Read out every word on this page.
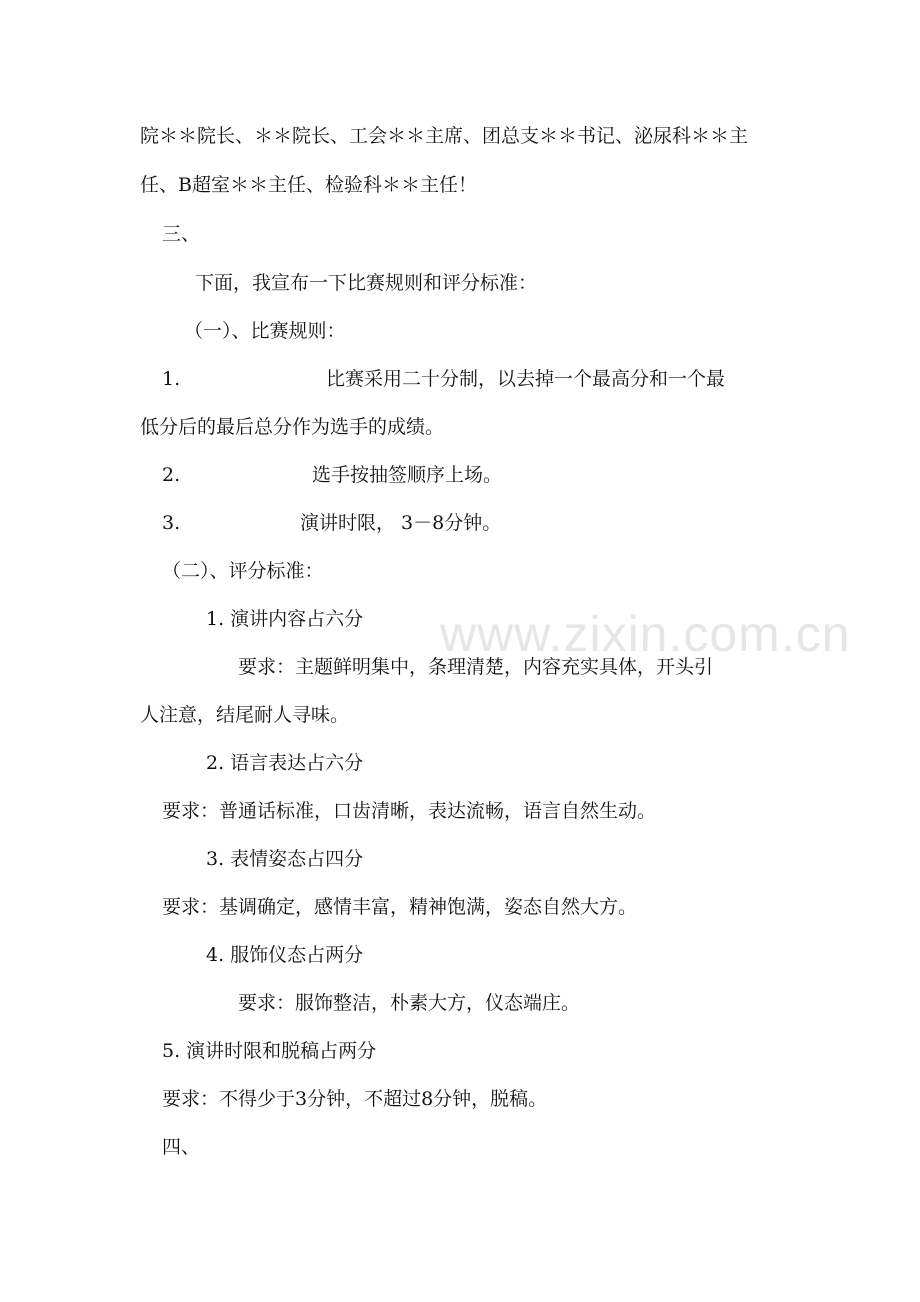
www.zixin.com.cn
院＊＊院长、＊＊院长、工会＊＊主席、团总支＊＊书记、泌尿科＊＊主
任、B超室＊＊主任、检验科＊＊主任！
三、
下面，我宣布一下比赛规则和评分标准：
（一）、比赛规则：
1.	比赛采用二十分制，以去掉一个最高分和一个最
低分后的最后总分作为选手的成绩。
2.	选手按抽签顺序上场。
3.	演讲时限， 3－8分钟。
（二）、评分标准：
1. 演讲内容占六分
要求：主题鲜明集中，条理清楚，内容充实具体，开头引
人注意，结尾耐人寻味。
2. 语言表达占六分
要求：普通话标准，口齿清晰，表达流畅，语言自然生动。
3. 表情姿态占四分
要求：基调确定，感情丰富，精神饱满，姿态自然大方。
4. 服饰仪态占两分
要求：服饰整洁，朴素大方，仪态端庄。
5. 演讲时限和脱稿占两分
要求：不得少于3分钟，不超过8分钟，脱稿。
四、
